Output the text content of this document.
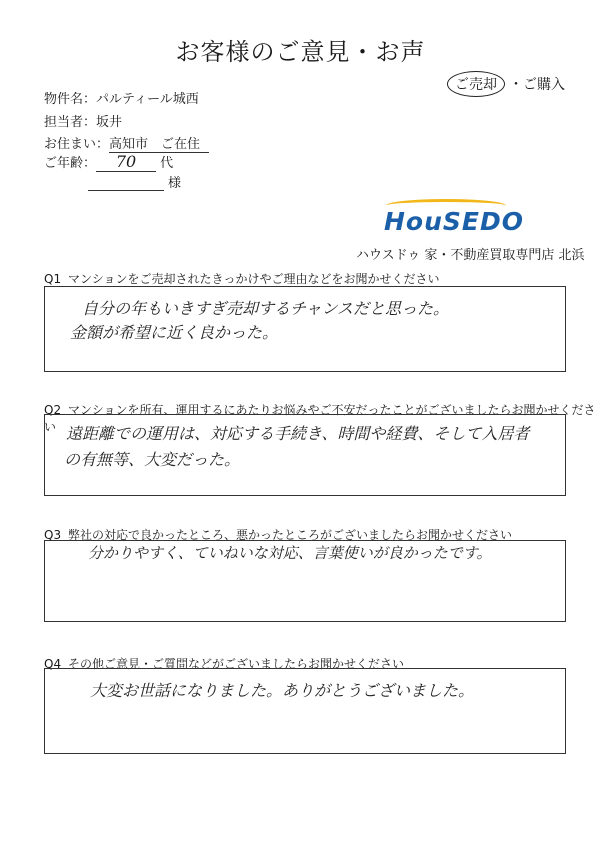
お客様のご意見・お声
ご売却 ・ご購入
物件名：パルティール城西
担当者：坂井
お住まい：高知市　ご在住
ご年齢： 70 代
様
HouSEDO
ハウスドゥ 家・不動産買取専門店 北浜
Q1 マンションをご売却されたきっかけやご理由などをお聞かせください
自分の年もいきすぎ売却するチャンスだと思った。
金額が希望に近く良かった。
Q2 マンションを所有、運用するにあたりお悩みやご不安だったことがございましたらお聞かせください 遠距離での運用は、対応する手続き、時間や経費、そして入居者
の有無等、大変だった。
Q3 弊社の対応で良かったところ、悪かったところがございましたらお聞かせください
分かりやすく、ていねいな対応、言葉使いが良かったです。
Q4 その他ご意見・ご質問などがございましたらお聞かせください
大変お世話になりました。ありがとうございました。
